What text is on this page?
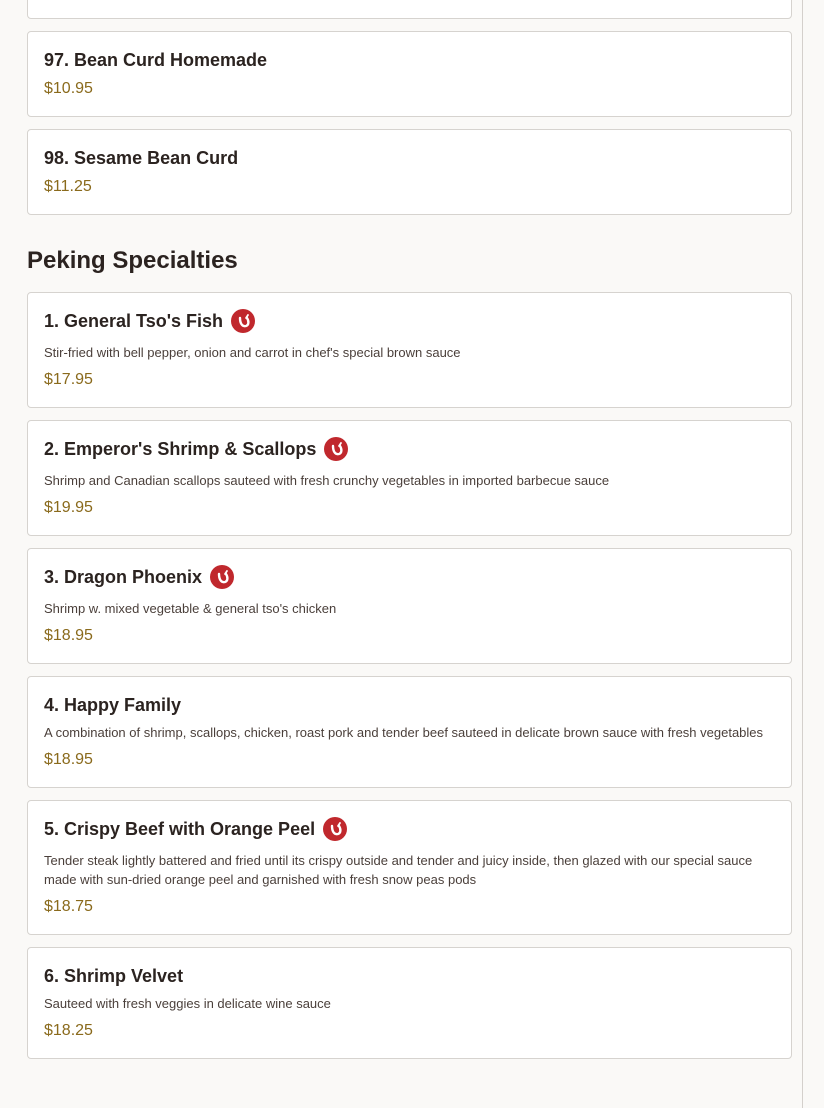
97. Bean Curd Homemade
$10.95
98. Sesame Bean Curd
$11.25
Peking Specialties
1. General Tso's Fish
Stir-fried with bell pepper, onion and carrot in chef's special brown sauce
$17.95
2. Emperor's Shrimp & Scallops
Shrimp and Canadian scallops sauteed with fresh crunchy vegetables in imported barbecue sauce
$19.95
3. Dragon Phoenix
Shrimp w. mixed vegetable & general tso's chicken
$18.95
4. Happy Family
A combination of shrimp, scallops, chicken, roast pork and tender beef sauteed in delicate brown sauce with fresh vegetables
$18.95
5. Crispy Beef with Orange Peel
Tender steak lightly battered and fried until its crispy outside and tender and juicy inside, then glazed with our special sauce made with sun-dried orange peel and garnished with fresh snow peas pods
$18.75
6. Shrimp Velvet
Sauteed with fresh veggies in delicate wine sauce
$18.25
